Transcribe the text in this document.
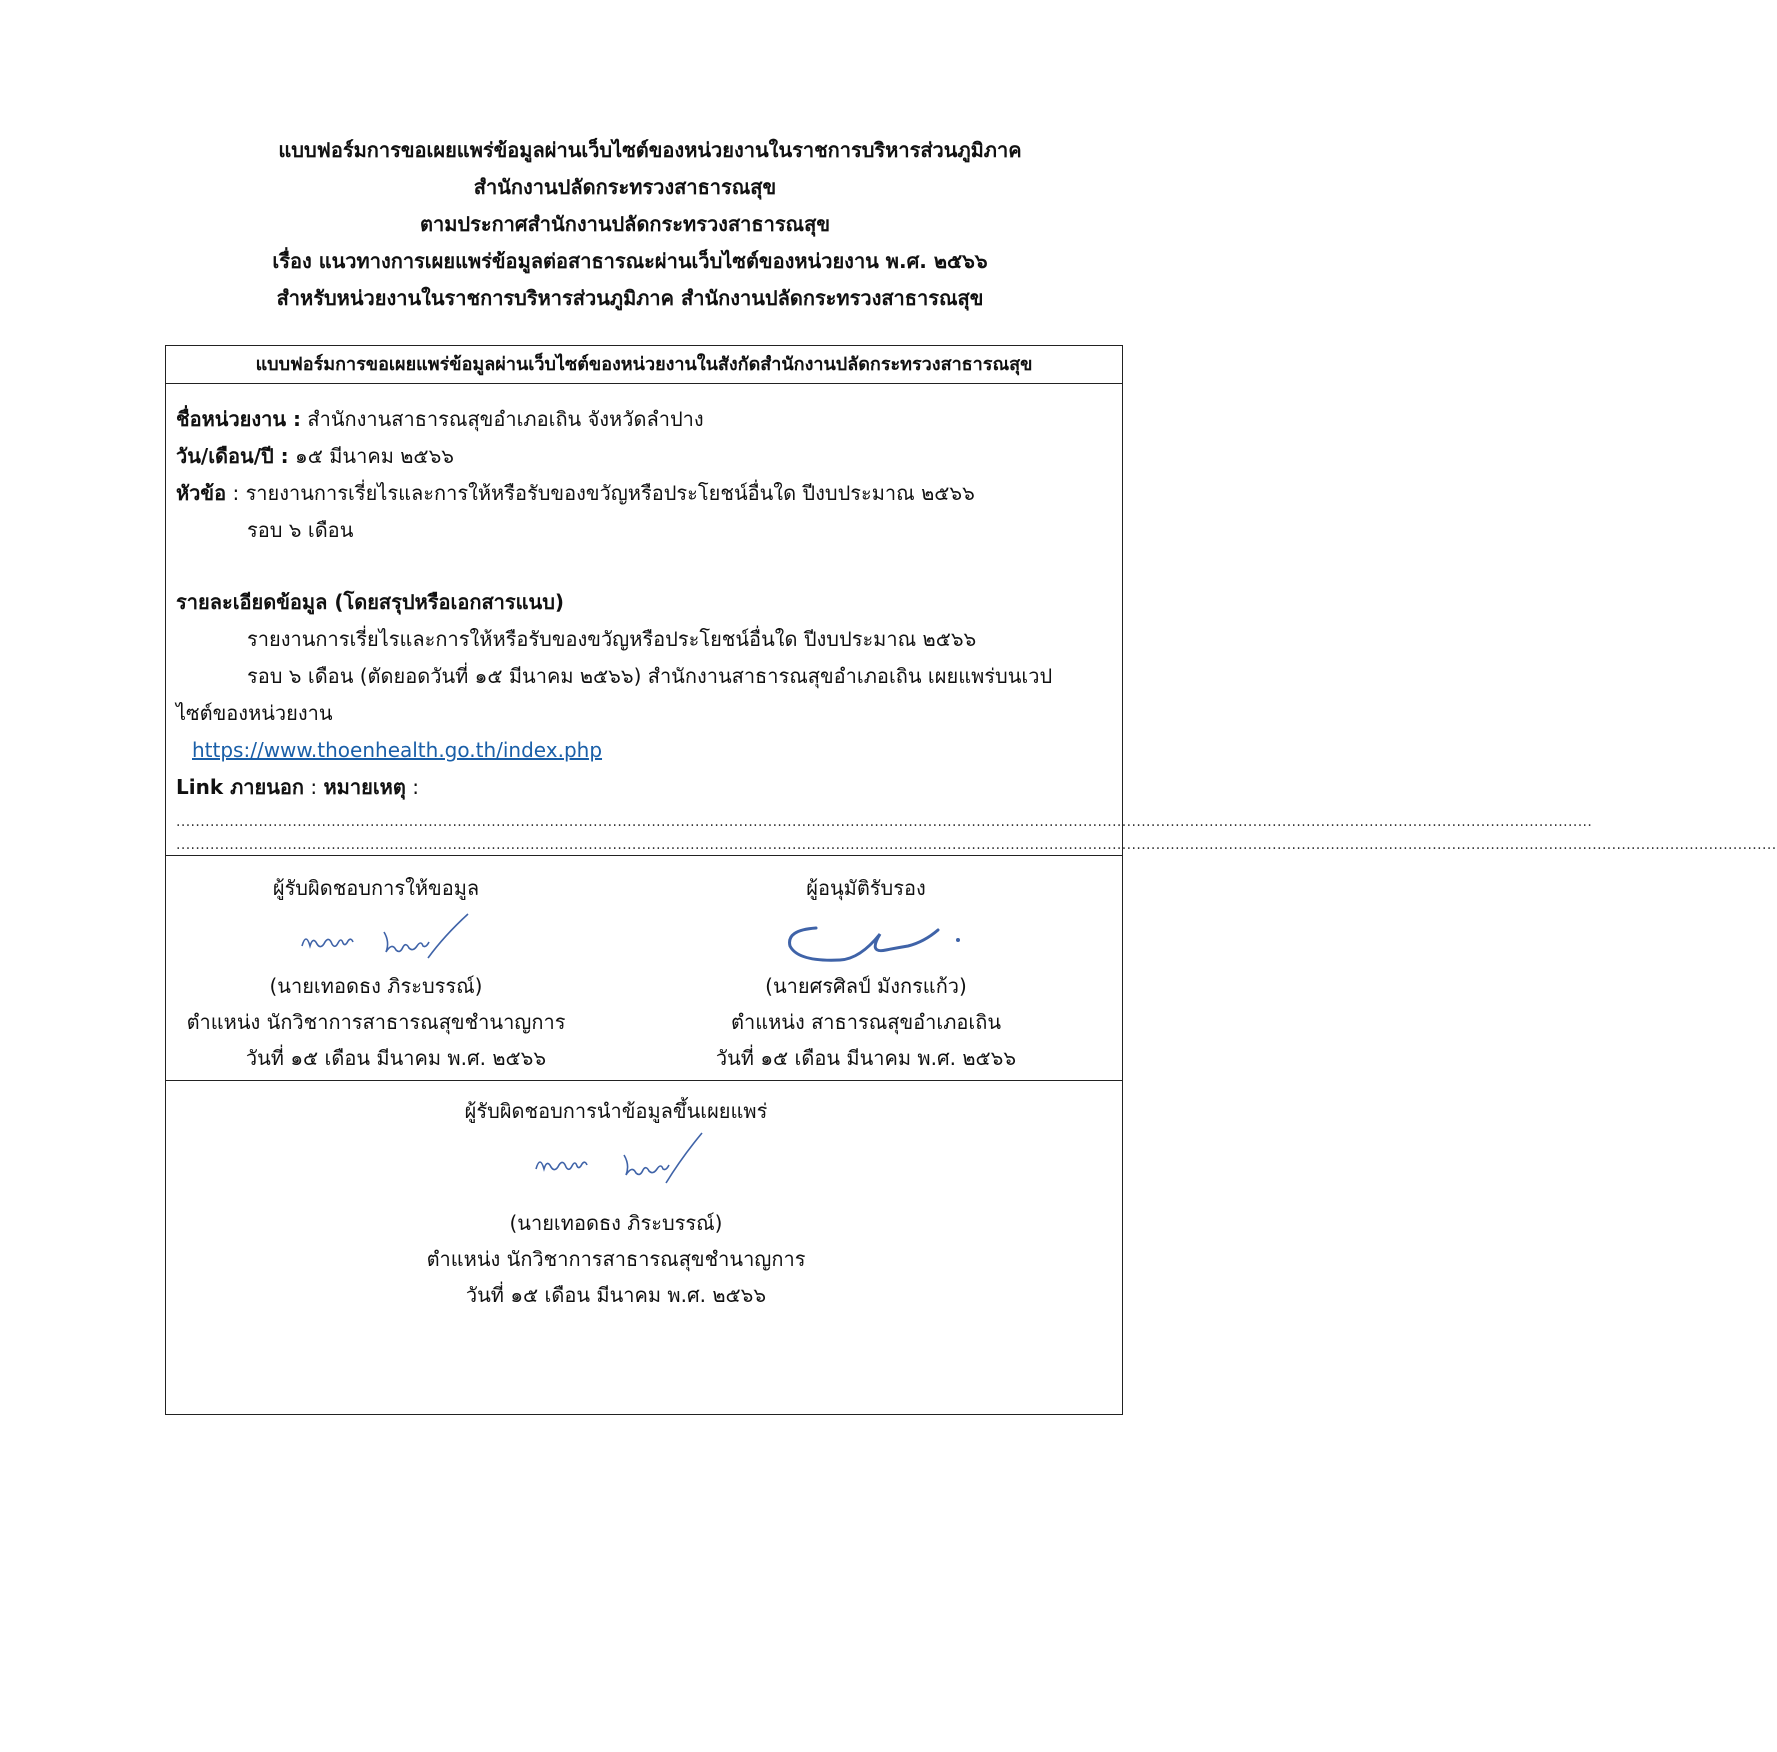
แบบฟอร์มการขอเผยแพร่ข้อมูลผ่านเว็บไซต์ของหน่วยงานในราชการบริหารส่วนภูมิภาค
สำนักงานปลัดกระทรวงสาธารณสุข
ตามประกาศสำนักงานปลัดกระทรวงสาธารณสุข
เรื่อง แนวทางการเผยแพร่ข้อมูลต่อสาธารณะผ่านเว็บไซต์ของหน่วยงาน พ.ศ. ๒๕๖๖
สำหรับหน่วยงานในราชการบริหารส่วนภูมิภาค สำนักงานปลัดกระทรวงสาธารณสุข
แบบฟอร์มการขอเผยแพร่ข้อมูลผ่านเว็บไซต์ของหน่วยงานในสังกัดสำนักงานปลัดกระทรวงสาธารณสุข
ชื่อหน่วยงาน : สำนักงานสาธารณสุขอำเภอเถิน จังหวัดลำปาง
วัน/เดือน/ปี : ๑๕ มีนาคม ๒๕๖๖
หัวข้อ : รายงานการเรี่ยไรและการให้หรือรับของขวัญหรือประโยชน์อื่นใด ปีงบประมาณ ๒๕๖๖
รอบ ๖ เดือน
รายละเอียดข้อมูล (โดยสรุปหรือเอกสารแนบ)
รายงานการเรี่ยไรและการให้หรือรับของขวัญหรือประโยชน์อื่นใด ปีงบประมาณ ๒๕๖๖
รอบ ๖ เดือน (ตัดยอดวันที่ ๑๕ มีนาคม ๒๕๖๖) สำนักงานสาธารณสุขอำเภอเถิน เผยแพร่บนเวป
ไซต์ของหน่วยงาน
https://www.thoenhealth.go.th/index.php
Link ภายนอก : หมายเหตุ :
....................................................................................................................................................................................................................................................................................................
..........................................................................................................................................................................................................................................................................................................................................
ผู้รับผิดชอบการให้ขอมูล
(นายเทอดธง ภิระบรรณ์)
ตำแหน่ง นักวิชาการสาธารณสุขชำนาญการ
วันที่ ๑๕ เดือน มีนาคม พ.ศ. ๒๕๖๖
ผู้อนุมัติรับรอง
(นายศรศิลป์ มังกรแก้ว)
ตำแหน่ง สาธารณสุขอำเภอเถิน
วันที่ ๑๕ เดือน มีนาคม พ.ศ. ๒๕๖๖
ผู้รับผิดชอบการนำข้อมูลขึ้นเผยแพร่
(นายเทอดธง ภิระบรรณ์)
ตำแหน่ง นักวิชาการสาธารณสุขชำนาญการ
วันที่ ๑๕ เดือน มีนาคม พ.ศ. ๒๕๖๖
